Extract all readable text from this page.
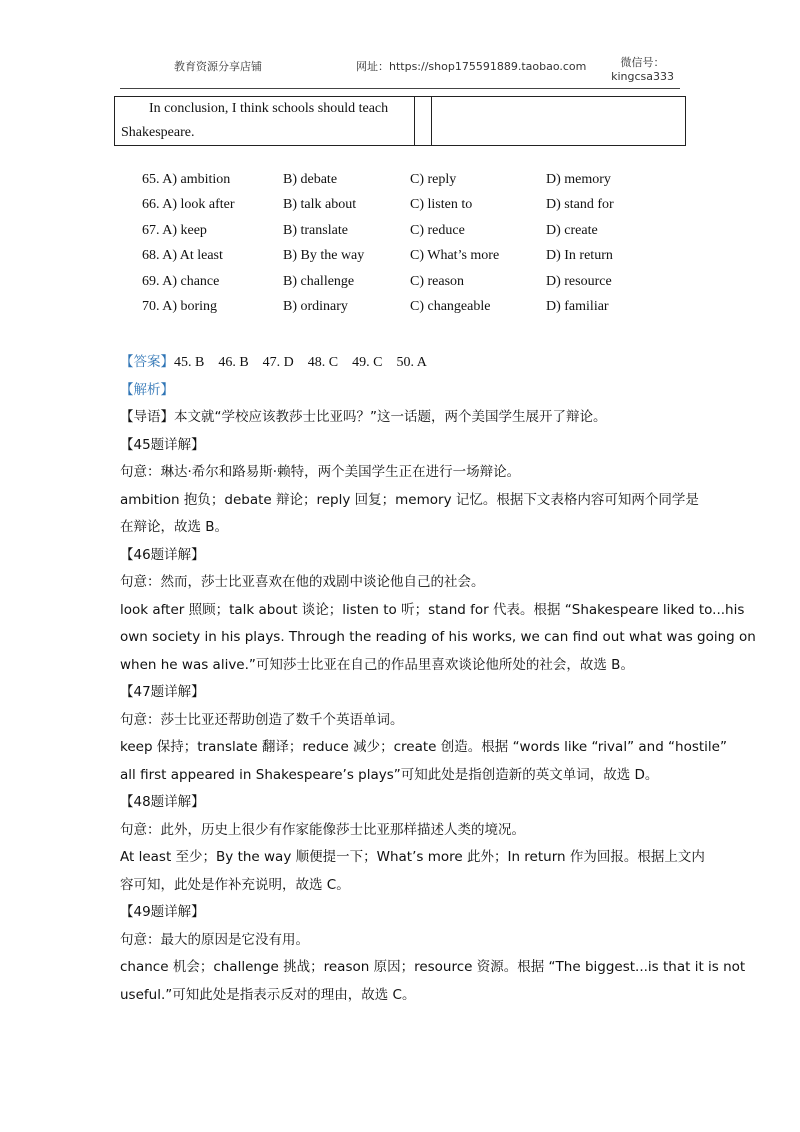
教育资源分享店铺	网址：https://shop175591889.taobao.com	微信号：
kingcsa333
In conclusion, I think schools should teach
Shakespeare.
65. A) ambition	B) debate	C) reply	D) memory
66. A) look after	B) talk about	C) listen to	D) stand for
67. A) keep	B) translate	C) reduce	D) create
68. A) At least	B) By the way	C) What’s more	D) In return
69. A) chance	B) challenge	C) reason	D) resource
70. A) boring	B) ordinary	C) changeable	D) familiar
【答案】45. B　46. B　47. D　48. C　49. C　50. A
【解析】
【导语】本文就“学校应该教莎士比亚吗？”这一话题，两个美国学生展开了辩论。
【45题详解】
句意：琳达·希尔和路易斯·赖特，两个美国学生正在进行一场辩论。
ambition 抱负；debate 辩论；reply 回复；memory 记忆。根据下文表格内容可知两个同学是
在辩论，故选 B。
【46题详解】
句意：然而，莎士比亚喜欢在他的戏剧中谈论他自己的社会。
look after 照顾；talk about 谈论；listen to 听；stand for 代表。根据 “Shakespeare liked to...his
own society in his plays. Through the reading of his works, we can find out what was going on
when he was alive.”可知莎士比亚在自己的作品里喜欢谈论他所处的社会，故选 B。
【47题详解】
句意：莎士比亚还帮助创造了数千个英语单词。
keep 保持；translate 翻译；reduce 减少；create 创造。根据 “words like “rival” and “hostile”
all first appeared in Shakespeare’s plays”可知此处是指创造新的英文单词，故选 D。
【48题详解】
句意：此外，历史上很少有作家能像莎士比亚那样描述人类的境况。
At least 至少；By the way 顺便提一下；What’s more 此外；In return 作为回报。根据上文内
容可知，此处是作补充说明，故选 C。
【49题详解】
句意：最大的原因是它没有用。
chance 机会；challenge 挑战；reason 原因；resource 资源。根据 “The biggest...is that it is not
useful.”可知此处是指表示反对的理由，故选 C。
